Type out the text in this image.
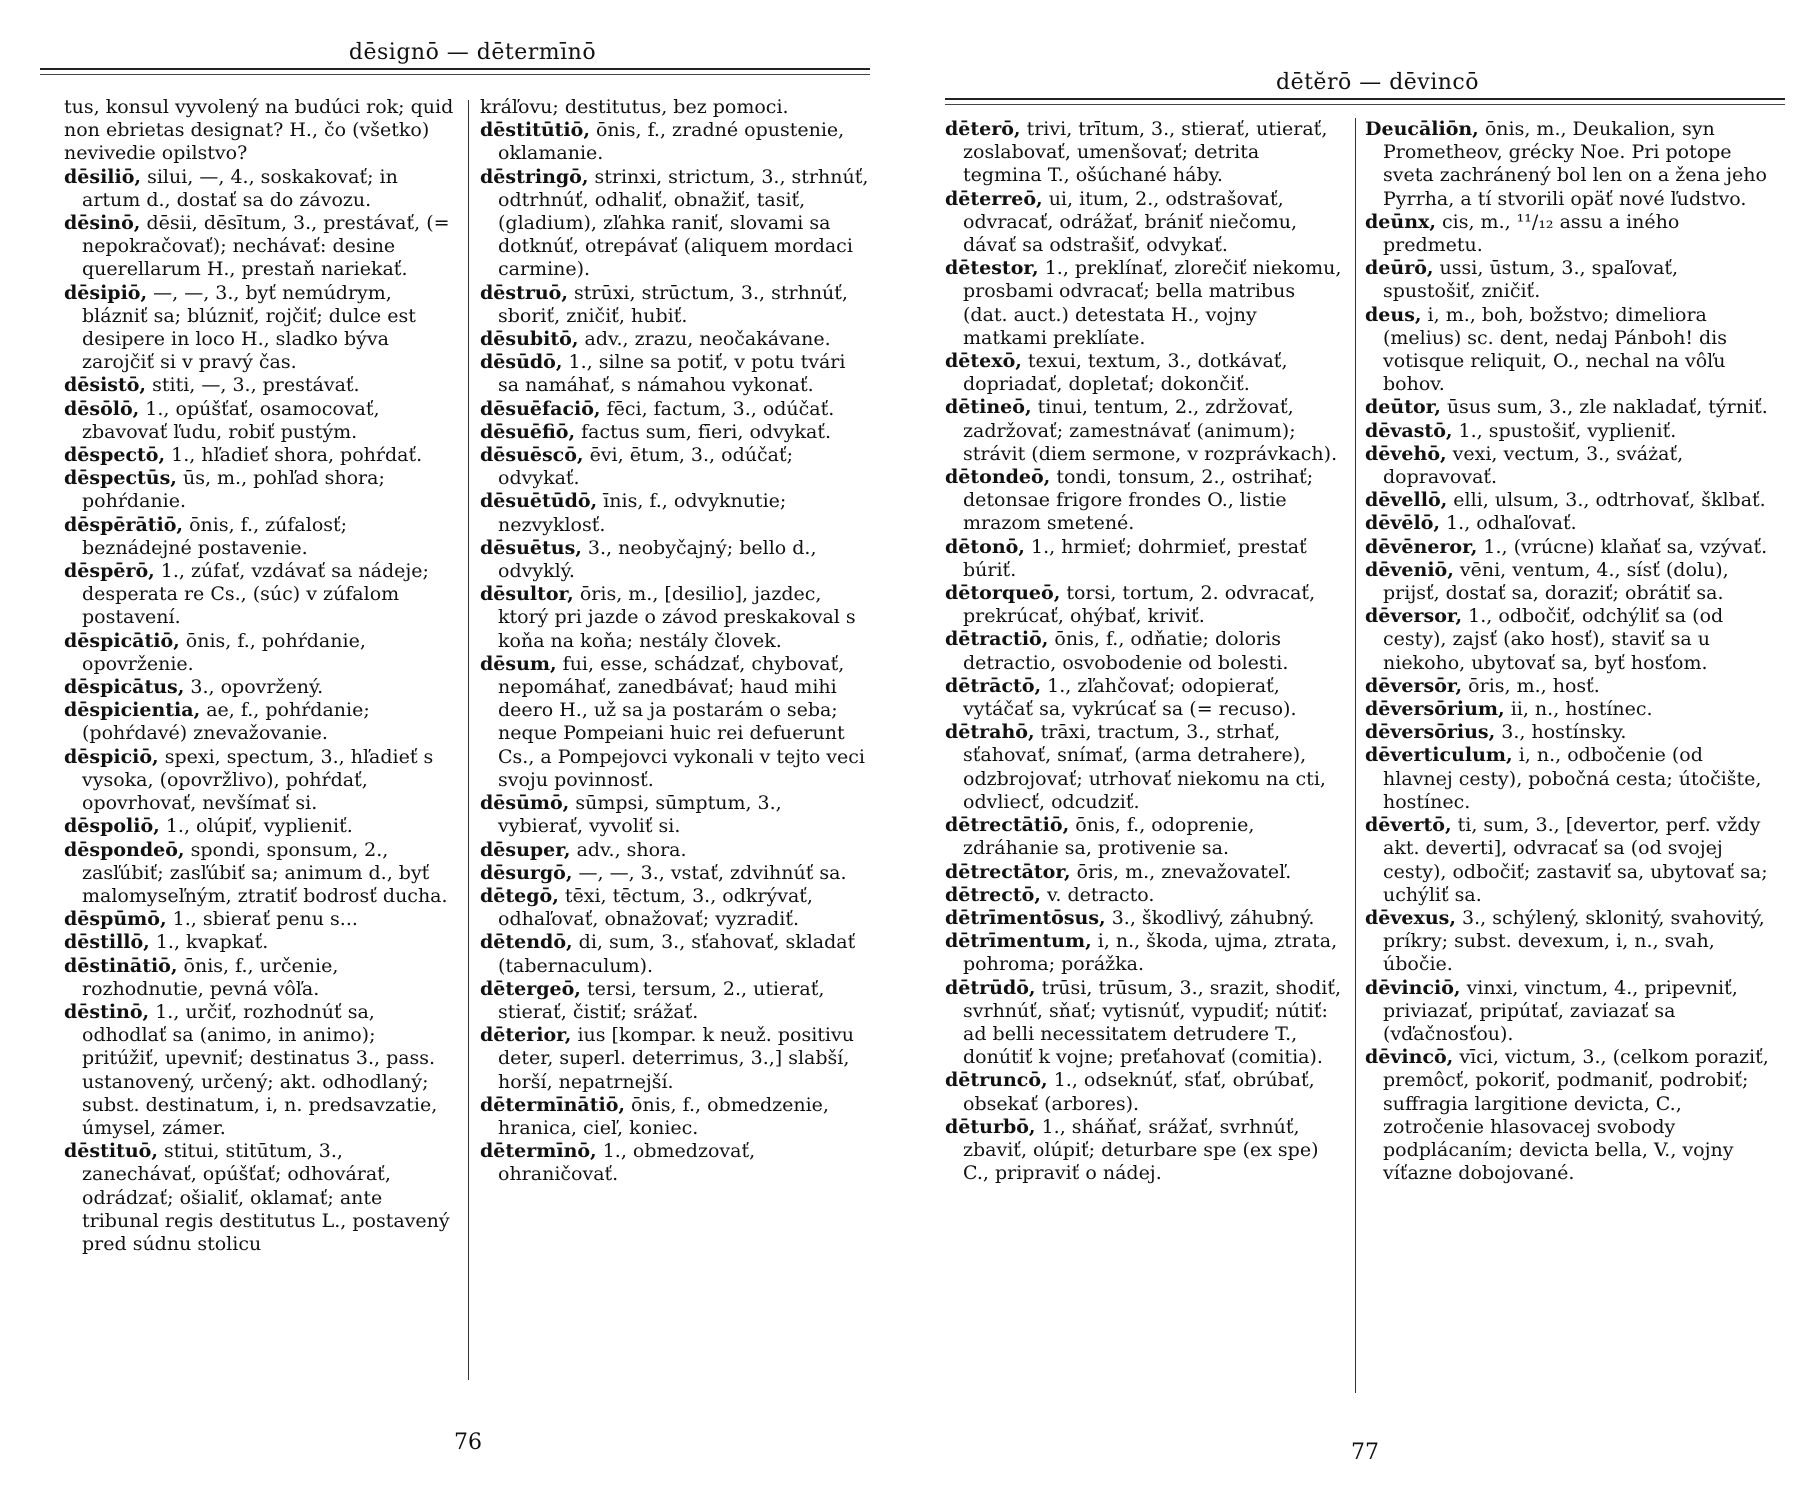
dēsignō — dētermīnō

tus, konsul vyvolený na budúci rok; quid non ebrietas designat? H., čo (všetko) nevivedie opilstvo?

dēsiliō, silui, —, 4., soskakovať; in artum d., dostať sa do závozu.

dēsinō, dēsii, dēsītum, 3., prestávať, (= nepokračovať); nechávať: desine querellarum H., prestaň nariekať.

dēsipiō, —, —, 3., byť nemúdrym, blázniť sa; blúzniť, rojčiť; dulce est desipere in loco H., sladko býva zarojčiť si v pravý čas.

dēsistō, stiti, —, 3., prestávať.

dēsōlō, 1., opúšťať, osamocovať, zbavovať ľudu, robiť pustým.

dēspectō, 1., hľadieť shora, pohŕdať.

dēspectūs, ūs, m., pohľad shora; pohŕdanie.

dēspērātiō, ōnis, f., zúfalosť; beznádejné postavenie.

dēspērō, 1., zúfať, vzdávať sa nádeje; desperata re Cs., (súc) v zúfalom postavení.

dēspicātiō, ōnis, f., pohŕdanie, opovrženie.

dēspicātus, 3., opovržený.

dēspicientia, ae, f., pohŕdanie; (pohŕdavé) znevažovanie.

dēspiciō, spexi, spectum, 3., hľadieť s vysoka, (opovržlivo), pohŕdať, opovrhovať, nevšímať si.

dēspoliō, 1., olúpiť, vyplieniť.

dēspondeō, spondi, sponsum, 2., zasľúbiť; zasľúbiť sa; animum d., byť malomyseľným, ztratiť bodrosť ducha.

dēspūmō, 1., sbierať penu s...

dēstillō, 1., kvapkať.

dēstinātiō, ōnis, f., určenie, rozhodnutie, pevná vôľa.

dēstinō, 1., určiť, rozhodnúť sa, odhodlať sa (animo, in animo); pritúžiť, upevniť; destinatus 3., pass. ustanovený, určený; akt. odhodlaný; subst. destinatum, i, n. predsavzatie, úmysel, zámer.

dēstituō, stitui, stitūtum, 3., zanechávať, opúšťať; odhovárať, odrádzať; ošialiť, oklamať; ante tribunal regis destitutus L., postavený pred súdnu stolicu

kráľovu; destitutus, bez pomoci.

dēstitūtiō, ōnis, f., zradné opustenie, oklamanie.

dēstringō, strinxi, strictum, 3., strhnúť, odtrhnúť, odhaliť, obnažiť, tasiť, (gladium), zľahka raniť, slovami sa dotknúť, otrepávať (aliquem mordaci carmine).

dēstruō, strūxi, strūctum, 3., strhnúť, sboriť, zničiť, hubiť.

dēsubitō, adv., zrazu, neočakávane.

dēsūdō, 1., silne sa potiť, v potu tvári sa namáhať, s námahou vykonať.

dēsuēfaciō, fēci, factum, 3., odúčať.

dēsuēfiō, factus sum, fīeri, odvykať.

dēsuēscō, ēvi, ētum, 3., odúčať; odvykať.

dēsuētūdō, īnis, f., odvyknutie; nezvyklosť.

dēsuētus, 3., neobyčajný; bello d., odvyklý.

dēsultor, ōris, m., [desilio], jazdec, ktorý pri jazde o závod preskakoval s koňa na koňa; nestály človek.

dēsum, fui, esse, schádzať, chybovať, nepomáhať, zanedbávať; haud mihi deero H., už sa ja postarám o seba; neque Pompeiani huic rei defuerunt Cs., a Pompejovci vykonali v tejto veci svoju povinnosť.

dēsūmō, sūmpsi, sūmptum, 3., vybierať, vyvoliť si.

dēsuper, adv., shora.

dēsurgō, —, —, 3., vstať, zdvihnúť sa.

dētegō, tēxi, tēctum, 3., odkrývať, odhaľovať, obnažovať; vyzradiť.

dētendō, di, sum, 3., sťahovať, skladať (tabernaculum).

dētergeō, tersi, tersum, 2., utierať, stierať, čistiť; srážať.

dēterior, ius [kompar. k neuž. positivu deter, superl. deterrimus, 3.,] slabší, horší, nepatrnejší.

dētermīnātiō, ōnis, f., obmedzenie, hranica, cieľ, koniec.

dētermīnō, 1., obmedzovať, ohraničovať.

76
dētĕrō — dēvincō

dēterō, trivi, trītum, 3., stierať, utierať, zoslabovať, umenšovať; detrita tegmina T., ošúchané háby.

dēterreō, ui, itum, 2., odstrašovať, odvracať, odrážať, brániť niečomu, dávať sa odstrašiť, odvykať.

dētestor, 1., preklínať, zlorečiť niekomu, prosbami odvracať; bella matribus (dat. auct.) detestata H., vojny matkami preklíate.

dētexō, texui, textum, 3., dotkávať, dopriadať, dopletať; dokončiť.

dētineō, tinui, tentum, 2., zdržovať, zadržovať; zamestnávať (animum); strávit (diem sermone, v rozprávkach).

dētondeō, tondi, tonsum, 2., ostrihať; detonsae frigore frondes O., listie mrazom smetené.

dētonō, 1., hrmieť; dohrmieť, prestať búriť.

dētorqueō, torsi, tortum, 2. odvracať, prekrúcať, ohýbať, kriviť.

dētractiō, ōnis, f., odňatie; doloris detractio, osvobodenie od bolesti.

dētrāctō, 1., zľahčovať; odopierať, vytáčať sa, vykrúcať sa (= recuso).

dētrahō, trāxi, tractum, 3., strhať, sťahovať, snímať, (arma detrahere), odzbrojovať; utrhovať niekomu na cti, odvliecť, odcudziť.

dētrectātiō, ōnis, f., odoprenie, zdráhanie sa, protivenie sa.

dētrectātor, ōris, m., znevažovateľ.

dētrectō, v. detracto.

dētrīmentōsus, 3., škodlivý, záhubný.

dētrīmentum, i, n., škoda, ujma, ztrata, pohroma; porážka.

dētrūdō, trūsi, trūsum, 3., srazit, shodiť, svrhnúť, sňať; vytisnúť, vypudiť; nútiť: ad belli necessitatem detrudere T., donútiť k vojne; preťahovať (comitia).

dētruncō, 1., odseknúť, sťať, obrúbať, obsekať (arbores).

dēturbō, 1., sháňať, srážať, svrhnúť, zbaviť, olúpiť; deturbare spe (ex spe) C., pripraviť o nádej.

Deucāliōn, ōnis, m., Deukalion, syn Prometheov, grécky Noe. Pri potope sveta zachránený bol len on a žena jeho Pyrrha, a tí stvorili opäť nové ľudstvo.

deūnx, cis, m., ¹¹/₁₂ assu a iného predmetu.

deūrō, ussi, ūstum, 3., spaľovať, spustošiť, zničiť.

deus, i, m., boh, božstvo; dimeliora (melius) sc. dent, nedaj Pánboh! dis votisque reliquit, O., nechal na vôľu bohov.

deūtor, ūsus sum, 3., zle nakladať, týrniť.

dēvastō, 1., spustošiť, vyplieniť.

dēvehō, vexi, vectum, 3., sváżať, dopravovať.

dēvellō, elli, ulsum, 3., odtrhovať, šklbať.

dēvēlō, 1., odhaľovať.

dēvēneror, 1., (vrúcne) klaňať sa, vzývať.

dēveniō, vēni, ventum, 4., sísť (dolu), prijsť, dostať sa, doraziť; obrátiť sa.

dēversor, 1., odbočiť, odchýliť sa (od cesty), zajsť (ako hosť), staviť sa u niekoho, ubytovať sa, byť hosťom.

dēversōr, ōris, m., hosť.

dēversōrium, ii, n., hostínec.

dēversōrius, 3., hostínsky.

dēverticulum, i, n., odbočenie (od hlavnej cesty), pobočná cesta; útočište, hostínec.

dēvertō, ti, sum, 3., [devertor, perf. vždy akt. deverti], odvracať sa (od svojej cesty), odbočiť; zastaviť sa, ubytovať sa; uchýliť sa.

dēvexus, 3., schýlený, sklonitý, svahovitý, príkry; subst. devexum, i, n., svah, úbočie.

dēvinciō, vinxi, vinctum, 4., pripevniť, priviazať, pripútať, zaviazať sa (vďačnosťou).

dēvincō, vīci, victum, 3., (celkom poraziť, premôcť, pokoriť, podmaniť, podrobiť; suffragia largitione devicta, C., zotročenie hlasovacej svobody podplácaním; devicta bella, V., vojny víťazne dobojované.

77
